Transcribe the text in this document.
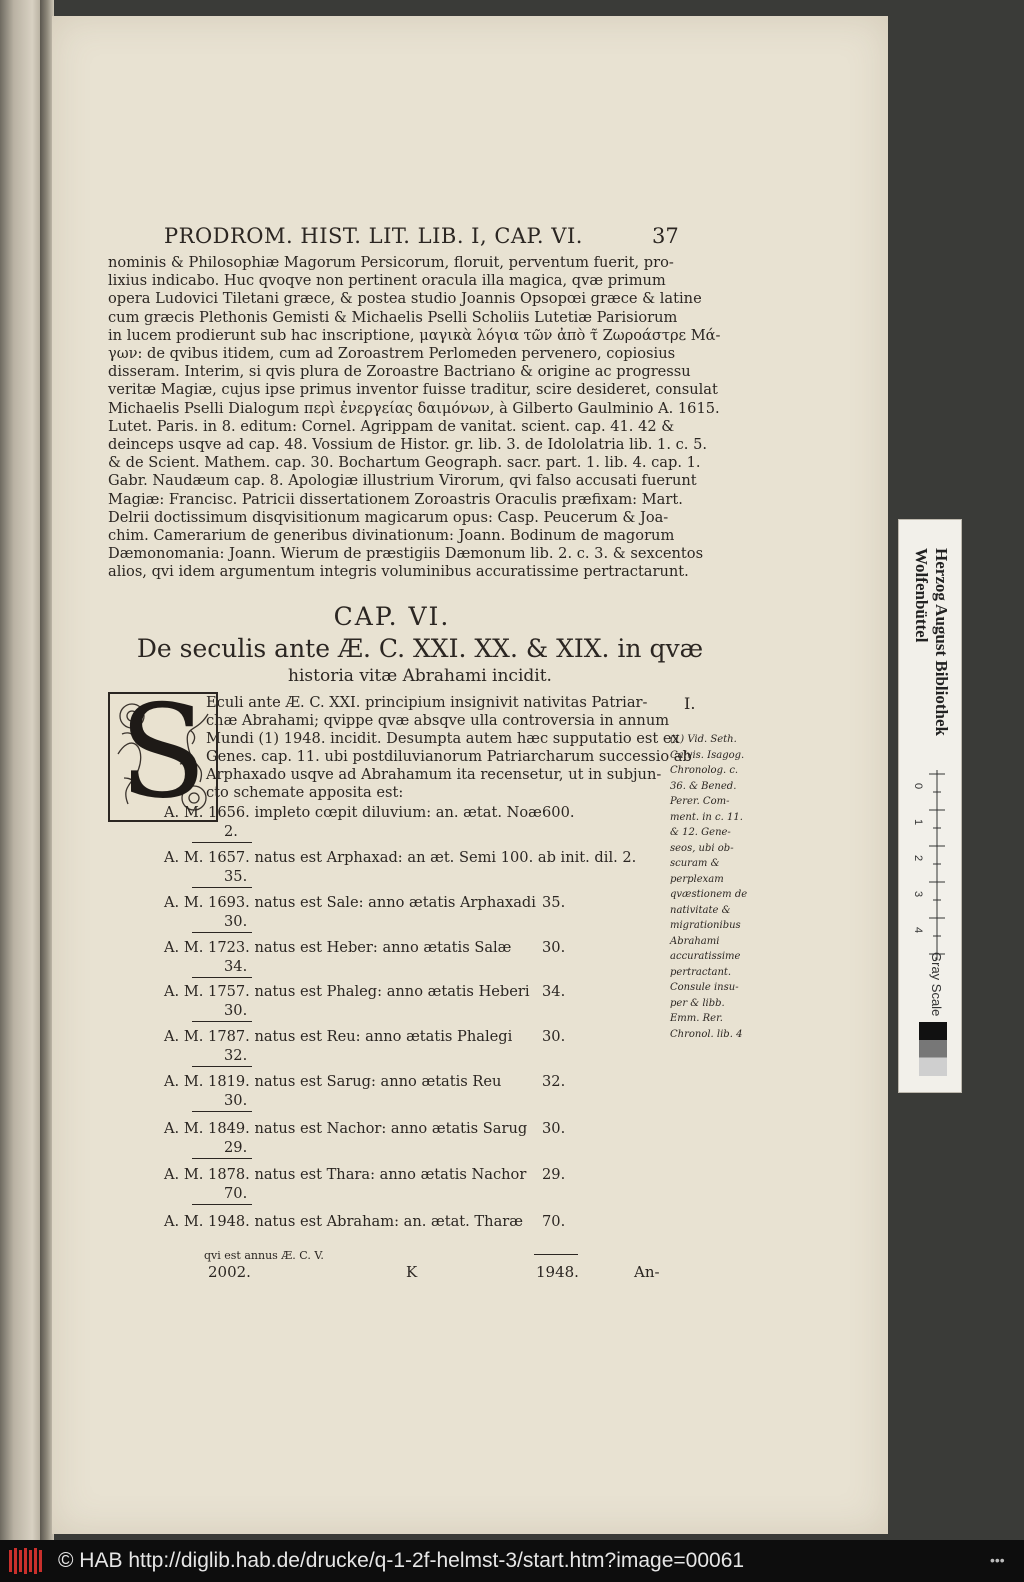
PRODROM. HIST. LIT. LIB. I, CAP. VI.	37
nominis & Philosophiæ Magorum Persicorum, floruit, perventum fuerit, pro-
lixius indicabo. Huc qvoqve non pertinent oracula illa magica, qvæ primum
opera Ludovici Tiletani græce, & postea studio Joannis Opsopœi græce & latine
cum græcis Plethonis Gemisti & Michaelis Pselli Scholiis Lutetiæ Parisiorum
in lucem prodierunt sub hac inscriptione, μαγικὰ λόγια τῶν ἀπὸ τ̃ Ζωροάστρε Μά-
γων: de qvibus itidem, cum ad Zoroastrem Perlomeden pervenero, copiosius
disseram. Interim, si qvis plura de Zoroastre Bactriano & origine ac progressu
veritæ Magiæ, cujus ipse primus inventor fuisse traditur, scire desideret, consulat
Michaelis Pselli Dialogum περὶ ἐνεργείας δαιμόνων, à Gilberto Gaulminio A. 1615.
Lutet. Paris. in 8. editum: Cornel. Agrippam de vanitat. scient. cap. 41. 42 &
deinceps usqve ad cap. 48. Vossium de Histor. gr. lib. 3. de Idololatria lib. 1. c. 5.
& de Scient. Mathem. cap. 30. Bochartum Geograph. sacr. part. 1. lib. 4. cap. 1.
Gabr. Naudæum cap. 8. Apologiæ illustrium Virorum, qvi falso accusati fuerunt
Magiæ: Francisc. Patricii dissertationem Zoroastris Oraculis præfixam: Mart.
Delrii doctissimum disqvisitionum magicarum opus: Casp. Peucerum & Joa-
chim. Camerarium de generibus divinationum: Joann. Bodinum de magorum
Dæmonomania: Joann. Wierum de præstigiis Dæmonum lib. 2. c. 3. & sexcentos
alios, qvi idem argumentum integris voluminibus accuratissime pertractarunt.
CAP. VI.
De seculis ante Æ. C. XXI. XX. & XIX. in qvæ
historia vitæ Abrahami incidit.
S Eculi ante Æ. C. XXI. principium insignivit nativitas Patriar-
chæ Abrahami; qvippe qvæ absqve ulla controversia in annum
Mundi (1) 1948. incidit. Desumpta autem hæc supputatio est ex
Genes. cap. 11. ubi postdiluvianorum Patriarcharum successio ab
Arphaxado usqve ad Abrahamum ita recensetur, ut in subjun-
cto schemate apposita est:
I.
(1) Vid. Seth.
Calvis. Isagog.
Chronolog. c.
36. & Bened.
Perer. Com-
ment. in c. 11.
& 12. Gene-
seos, ubi ob-
scuram &
perplexam
qvæstionem de
nativitate &
migrationibus
Abrahami
accuratissime
pertractant.
Consule insu-
per & libb.
Emm. Rer.
Chronol. lib. 4
A. M. 1656. impleto cœpit diluvium: an. ætat. Noæ 600.
2.
A. M. 1657. natus est Arphaxad: an æt. Semi 100. ab init. dil. 2.
35.
A. M. 1693. natus est Sale: anno ætatis Arphaxadi 35.
30.
A. M. 1723. natus est Heber: anno ætatis Salæ 30.
34.
A. M. 1757. natus est Phaleg: anno ætatis Heberi 34.
30.
A. M. 1787. natus est Reu: anno ætatis Phalegi 30.
32.
A. M. 1819. natus est Sarug: anno ætatis Reu	32.
30.
A. M. 1849. natus est Nachor: anno ætatis Sarug 30.
29.
A. M. 1878. natus est Thara: anno ætatis Nachor 29.
70.
A. M. 1948. natus est Abraham: an. ætat. Tharæ 70.
qvi est annus Æ. C. V.
2002.	K	1948.	An-
Herzog August Bibliothek
Wolfenbüttel
0
1
2
3
4
Gray Scale
© HAB http://diglib.hab.de/drucke/q-1-2f-helmst-3/start.htm?image=00061	•••
